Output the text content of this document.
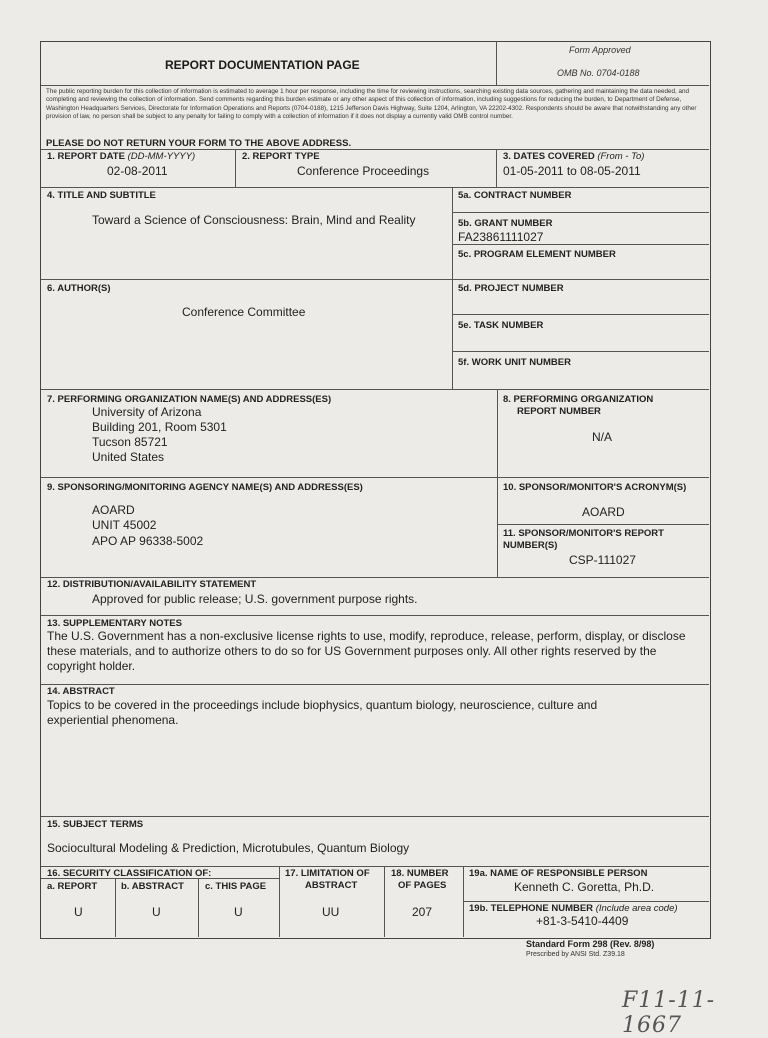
REPORT DOCUMENTATION PAGE
Form Approved
OMB No. 0704-0188
The public reporting burden for this collection of information is estimated to average 1 hour per response, including the time for reviewing instructions, searching existing data sources, gathering and maintaining the data needed, and completing and reviewing the collection of information. Send comments regarding this burden estimate or any other aspect of this collection of information, including suggestions for reducing the burden, to Department of Defense, Washington Headquarters Services, Directorate for Information Operations and Reports (0704-0188), 1215 Jefferson Davis Highway, Suite 1204, Arlington, VA 22202-4302. Respondents should be aware that notwithstanding any other provision of law, no person shall be subject to any penalty for failing to comply with a collection of information if it does not display a currently valid OMB control number.
PLEASE DO NOT RETURN YOUR FORM TO THE ABOVE ADDRESS.
1. REPORT DATE (DD-MM-YYYY)
02-08-2011
2. REPORT TYPE
Conference Proceedings
3. DATES COVERED (From - To)
01-05-2011 to 08-05-2011
4. TITLE AND SUBTITLE
Toward a Science of Consciousness: Brain, Mind and Reality
5a. CONTRACT NUMBER
5b. GRANT NUMBER
FA23861111027
5c. PROGRAM ELEMENT NUMBER
6. AUTHOR(S)
Conference Committee
5d. PROJECT NUMBER
5e. TASK NUMBER
5f. WORK UNIT NUMBER
7. PERFORMING ORGANIZATION NAME(S) AND ADDRESS(ES)
University of Arizona
Building 201, Room 5301
Tucson 85721
United States
8. PERFORMING ORGANIZATION
REPORT NUMBER
N/A
9. SPONSORING/MONITORING AGENCY NAME(S) AND ADDRESS(ES)
AOARD
UNIT 45002
APO AP 96338-5002
10. SPONSOR/MONITOR'S ACRONYM(S)
AOARD
11. SPONSOR/MONITOR'S REPORT
NUMBER(S)
CSP-111027
12. DISTRIBUTION/AVAILABILITY STATEMENT
Approved for public release; U.S. government purpose rights.
13. SUPPLEMENTARY NOTES
The U.S. Government has a non-exclusive license rights to use, modify, reproduce, release, perform, display, or disclose these materials, and to authorize others to do so for US Government purposes only. All other rights reserved by the copyright holder.
14. ABSTRACT
Topics to be covered in the proceedings include biophysics, quantum biology, neuroscience, culture and experiential phenomena.
15. SUBJECT TERMS
Sociocultural Modeling & Prediction, Microtubules, Quantum Biology
16. SECURITY CLASSIFICATION OF:
a. REPORT	b. ABSTRACT c. THIS PAGE
U	U	U
17. LIMITATION OF
ABSTRACT
UU
18. NUMBER
OF PAGES
207
19a. NAME OF RESPONSIBLE PERSON
Kenneth C. Goretta, Ph.D.
19b. TELEPHONE NUMBER (Include area code)
+81-3-5410-4409
Standard Form 298 (Rev. 8/98)
Prescribed by ANSI Std. Z39.18
F11-11-1667
